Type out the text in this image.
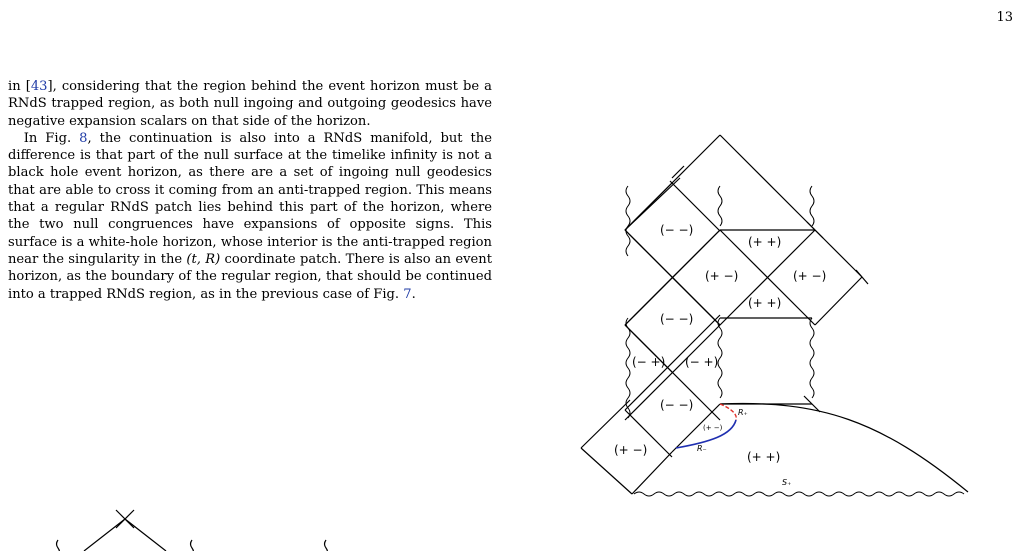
13

in [43], considering that the region behind the event horizon must be a RNdS trapped region, as both null ingoing and outgoing geodesics have negative expansion scalars on that side of the horizon.

In Fig. 8, the continuation is also into a RNdS manifold, but the difference is that part of the null surface at the timelike infinity is not a black hole event horizon, as there are a set of ingoing null geodesics that are able to cross it coming from an anti-trapped region. This means that a regular RNdS patch lies behind this part of the horizon, where the two null congruences have expansions of opposite signs. This surface is a white-hole horizon, whose interior is the anti-trapped region near the singularity in the (t, R) coordinate patch. There is also an event horizon, as the boundary of the regular region, that should be continued into a trapped RNdS region, as in the previous case of Fig. 7.

(− −)
(+ +)
(+ −)	(+ −)
(+ +)
(− −)
(− +) (− +)
(− −)
(+ −)	(+ +)
(+ −)
R₊
R₋
S₊
